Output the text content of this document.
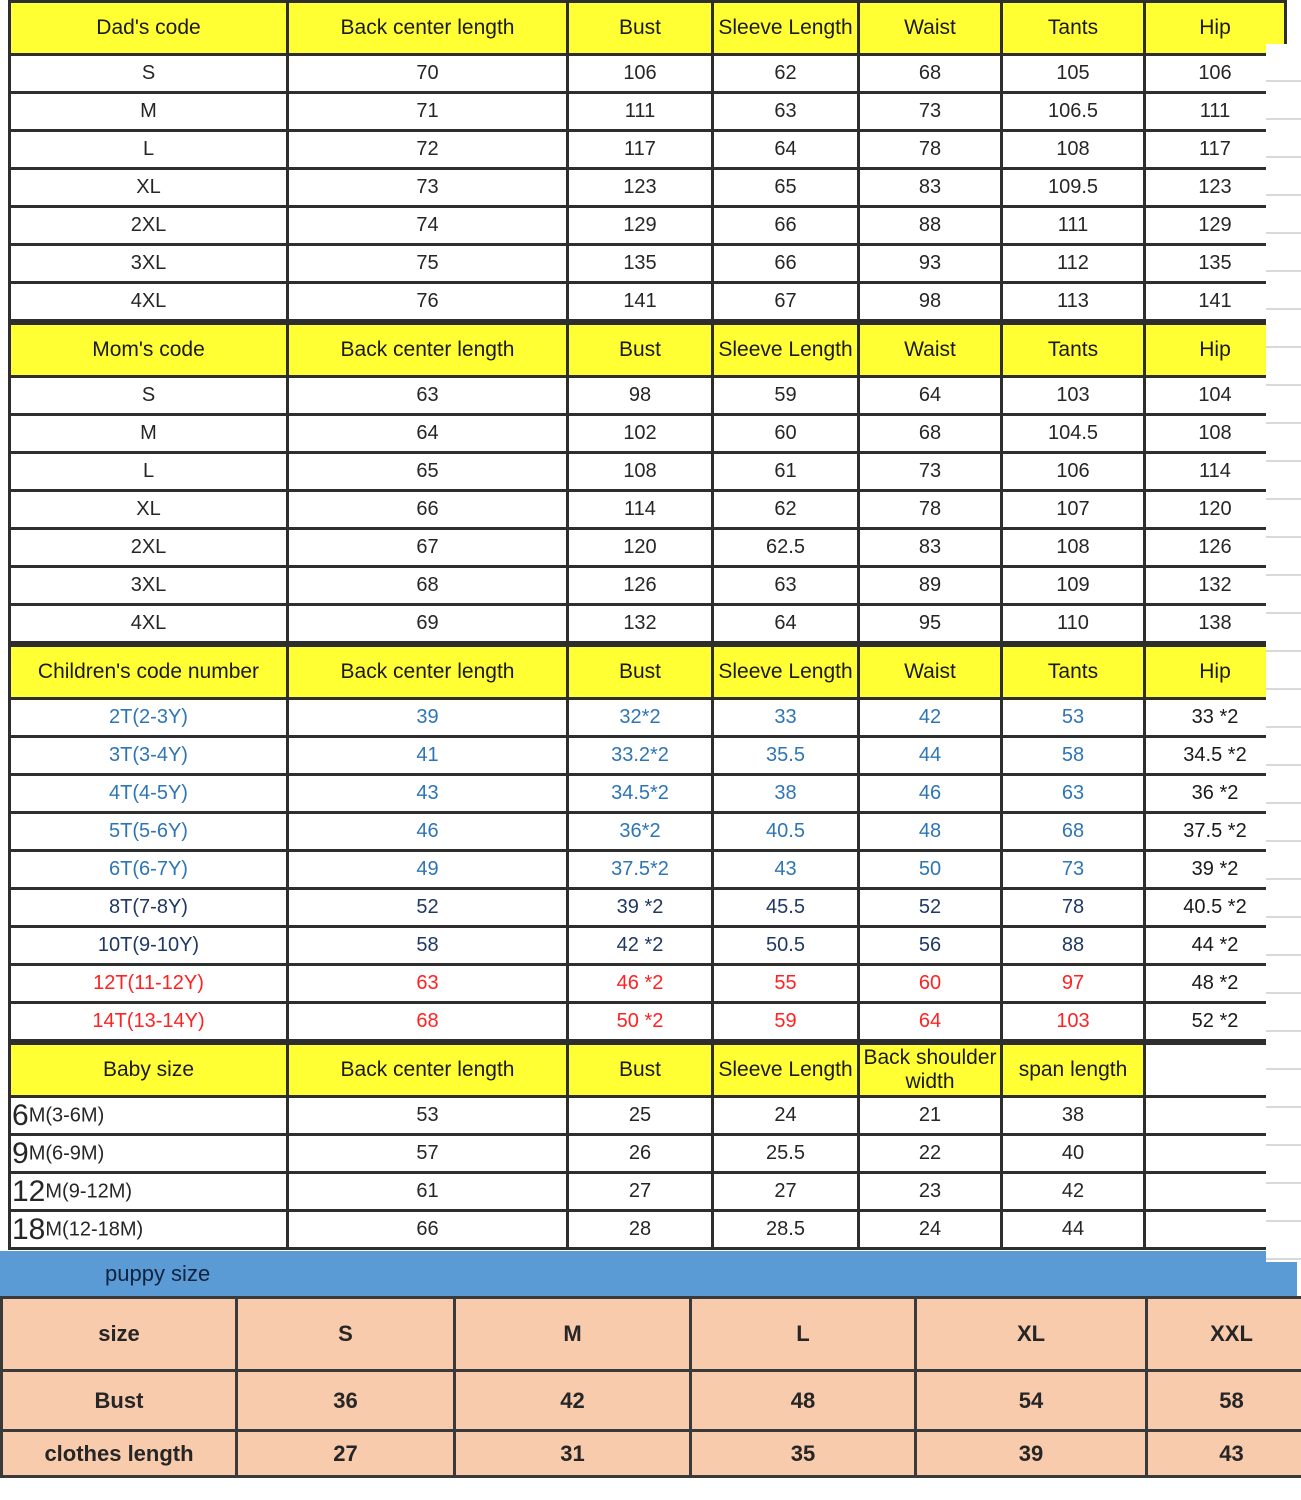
Dad's code	Back center length	Bust	Sleeve Length	Waist	Tants	Hip
S	70	106	62	68	105	106
M	71	111	63	73	106.5	111
L	72	117	64	78	108	117
XL	73	123	65	83	109.5	123
2XL	74	129	66	88	111	129
3XL	75	135	66	93	112	135
4XL	76	141	67	98	113	141
Mom's code	Back center length	Bust	Sleeve Length	Waist	Tants	Hip
S	63	98	59	64	103	104
M	64	102	60	68	104.5	108
L	65	108	61	73	106	114
XL	66	114	62	78	107	120
2XL	67	120	62.5	83	108	126
3XL	68	126	63	89	109	132
4XL	69	132	64	95	110	138
Children's code number	Back center length	Bust	Sleeve Length	Waist	Tants	Hip
2T(2-3Y)	39	32*2	33	42	53	33 *2
3T(3-4Y)	41	33.2*2	35.5	44	58	34.5 *2
4T(4-5Y)	43	34.5*2	38	46	63	36 *2
5T(5-6Y)	46	36*2	40.5	48	68	37.5 *2
6T(6-7Y)	49	37.5*2	43	50	73	39 *2
8T(7-8Y)	52	39 *2	45.5	52	78	40.5 *2
10T(9-10Y)	58	42 *2	50.5	56	88	44 *2
12T(11-12Y)	63	46 *2	55	60	97	48 *2
14T(13-14Y)	68	50 *2	59	64	103	52 *2
Baby size	Back center length	Bust	Sleeve Length	Back shoulder width	span length	
6M(3-6M)	53	25	24	21	38	
9M(6-9M)	57	26	25.5	22	40	
12M(9-12M)	61	27	27	23	42	
18M(12-18M)	66	28	28.5	24	44	
puppy size
size	S	M	L	XL	XXL
Bust	36	42	48	54	58
clothes length	27	31	35	39	43
